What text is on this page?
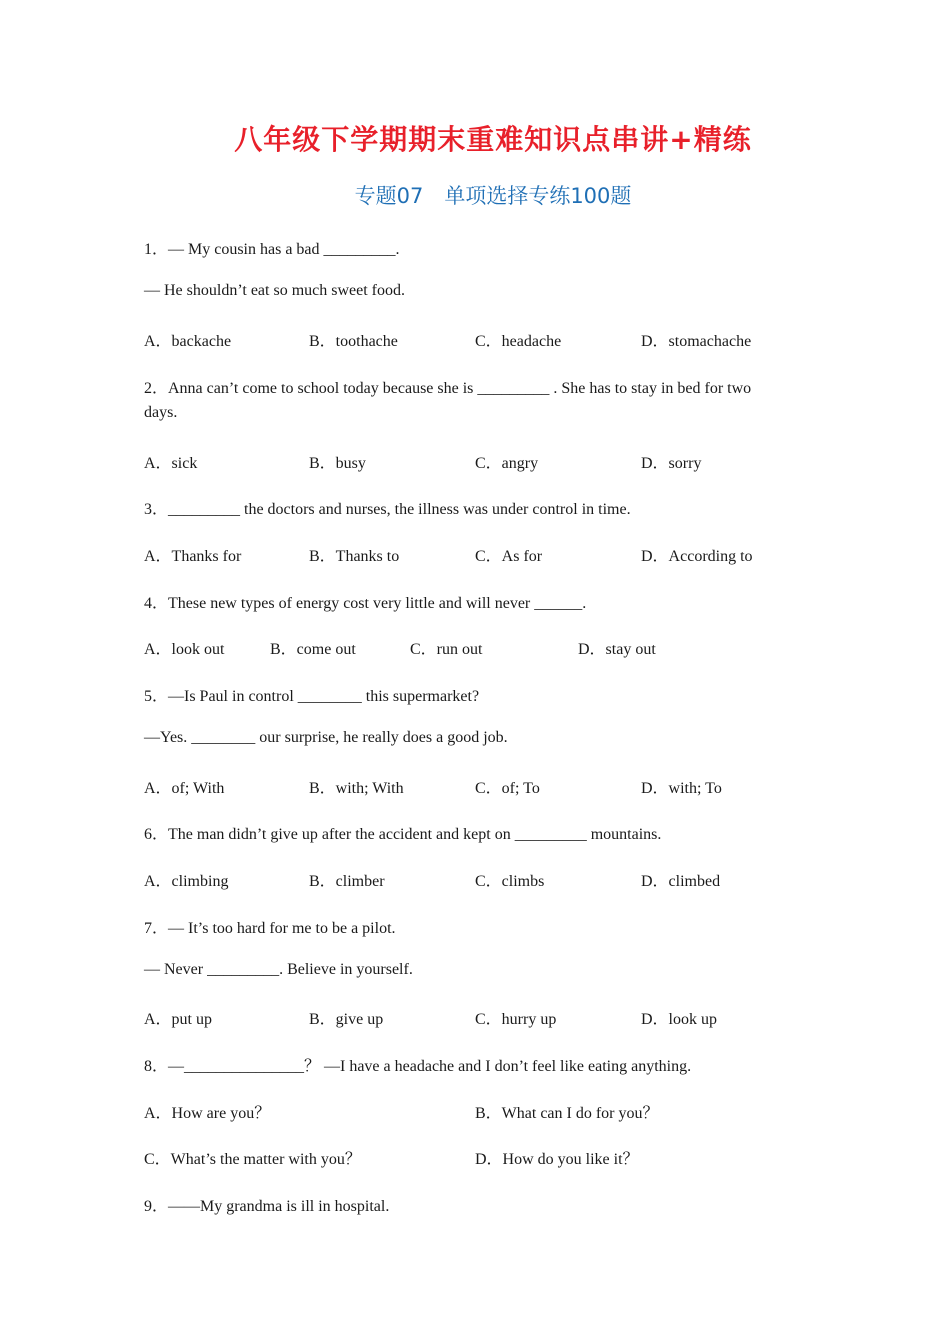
八年级下学期期末重难知识点串讲+精练
专题07　单项选择专练100题
1．— My cousin has a bad _________.
— He shouldn’t eat so much sweet food.
A．backache	B．toothache	C．headache	D．stomachache
2．Anna can’t come to school today because she is _________ . She has to stay in bed for two
days.
A．sick	B．busy	C．angry	D．sorry
3．_________ the doctors and nurses, the illness was under control in time.
A．Thanks for	B．Thanks to	C．As for	D．According to
4．These new types of energy cost very little and will never ______.
A．look out	B．come out	C．run out	D．stay out
5．—Is Paul in control ________ this supermarket?
—Yes. ________ our surprise, he really does a good job.
A．of; With	B．with; With	C．of; To	D．with; To
6．The man didn’t give up after the accident and kept on _________ mountains.
A．climbing	B．climber	C．climbs	D．climbed
7．— It’s too hard for me to be a pilot.
— Never _________. Believe in yourself.
A．put up	B．give up	C．hurry up	D．look up
8．—_______________？ —I have a headache and I don’t feel like eating anything.
A．How are you？	B．What can I do for you？
C．What’s the matter with you？	D．How do you like it？
9．——My grandma is ill in hospital.
